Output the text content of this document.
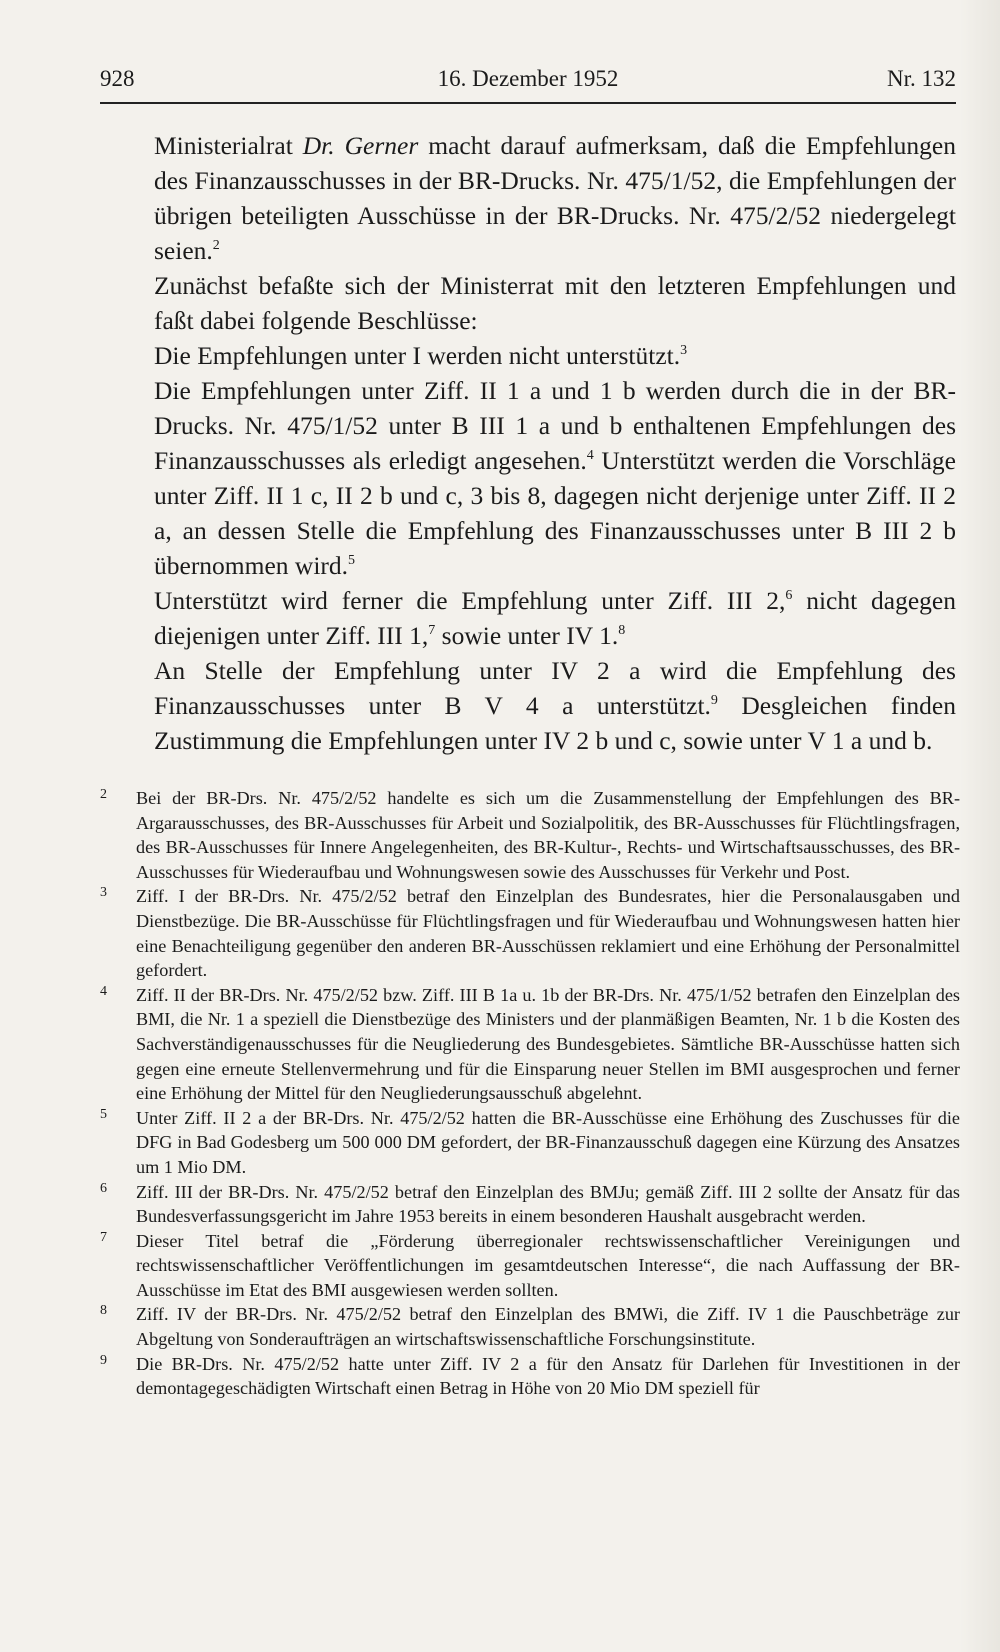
16. Dezember 1952
928	Nr. 132

Ministerialrat Dr. Gerner macht darauf aufmerksam, daß die Empfehlungen des Finanzausschusses in der BR-Drucks. Nr. 475/1/52, die Empfehlungen der übrigen beteiligten Ausschüsse in der BR-Drucks. Nr. 475/2/52 niedergelegt seien.$^2$

Zunächst befaßte sich der Ministerrat mit den letzteren Empfehlungen und faßt dabei folgende Beschlüsse:

Die Empfehlungen unter I werden nicht unterstützt.$^3$

Die Empfehlungen unter Ziff. II 1 a und 1 b werden durch die in der BR-Drucks. Nr. 475/1/52 unter B III 1 a und b enthaltenen Empfehlungen des Finanzausschusses als erledigt angesehen.$^4$ Unterstützt werden die Vorschläge unter Ziff. II 1 c, II 2 b und c, 3 bis 8, dagegen nicht derjenige unter Ziff. II 2 a, an dessen Stelle die Empfehlung des Finanzausschusses unter B III 2 b übernommen wird.$^5$

Unterstützt wird ferner die Empfehlung unter Ziff. III 2,$^6$ nicht dagegen diejenigen unter Ziff. III 1,$^7$ sowie unter IV 1.$^8$

An Stelle der Empfehlung unter IV 2 a wird die Empfehlung des Finanzausschusses unter B V 4 a unterstützt.$^9$ Desgleichen finden Zustimmung die Empfehlungen unter IV 2 b und c, sowie unter V 1 a und b.

2 Bei der BR-Drs. Nr. 475/2/52 handelte es sich um die Zusammenstellung der Empfehlungen des BR-Argarausschusses, des BR-Ausschusses für Arbeit und Sozialpolitik, des BR-Ausschusses für Flüchtlingsfragen, des BR-Ausschusses für Innere Angelegenheiten, des BR-Kultur-, Rechts- und Wirtschaftsausschusses, des BR-Ausschusses für Wiederaufbau und Wohnungswesen sowie des Ausschusses für Verkehr und Post.

3 Ziff. I der BR-Drs. Nr. 475/2/52 betraf den Einzelplan des Bundesrates, hier die Personalausgaben und Dienstbezüge. Die BR-Ausschüsse für Flüchtlingsfragen und für Wiederaufbau und Wohnungswesen hatten hier eine Benachteiligung gegenüber den anderen BR-Ausschüssen reklamiert und eine Erhöhung der Personalmittel gefordert.

4 Ziff. II der BR-Drs. Nr. 475/2/52 bzw. Ziff. III B 1a u. 1b der BR-Drs. Nr. 475/1/52 betrafen den Einzelplan des BMI, die Nr. 1 a speziell die Dienstbezüge des Ministers und der planmäßigen Beamten, Nr. 1 b die Kosten des Sachverständigenausschusses für die Neugliederung des Bundesgebietes. Sämtliche BR-Ausschüsse hatten sich gegen eine erneute Stellenvermehrung und für die Einsparung neuer Stellen im BMI ausgesprochen und ferner eine Erhöhung der Mittel für den Neugliederungsausschuß abgelehnt.

5 Unter Ziff. II 2 a der BR-Drs. Nr. 475/2/52 hatten die BR-Ausschüsse eine Erhöhung des Zuschusses für die DFG in Bad Godesberg um 500 000 DM gefordert, der BR-Finanzausschuß dagegen eine Kürzung des Ansatzes um 1 Mio DM.

6 Ziff. III der BR-Drs. Nr. 475/2/52 betraf den Einzelplan des BMJu; gemäß Ziff. III 2 sollte der Ansatz für das Bundesverfassungsgericht im Jahre 1953 bereits in einem besonderen Haushalt ausgebracht werden.

7 Dieser Titel betraf die „Förderung überregionaler rechtswissenschaftlicher Vereinigungen und rechtswissenschaftlicher Veröffentlichungen im gesamtdeutschen Interesse“, die nach Auffassung der BR-Ausschüsse im Etat des BMI ausgewiesen werden sollten.

8 Ziff. IV der BR-Drs. Nr. 475/2/52 betraf den Einzelplan des BMWi, die Ziff. IV 1 die Pauschbeträge zur Abgeltung von Sonderaufträgen an wirtschaftswissenschaftliche Forschungsinstitute.

9 Die BR-Drs. Nr. 475/2/52 hatte unter Ziff. IV 2 a für den Ansatz für Darlehen für Investitionen in der demontagegeschädigten Wirtschaft einen Betrag in Höhe von 20 Mio DM speziell für
